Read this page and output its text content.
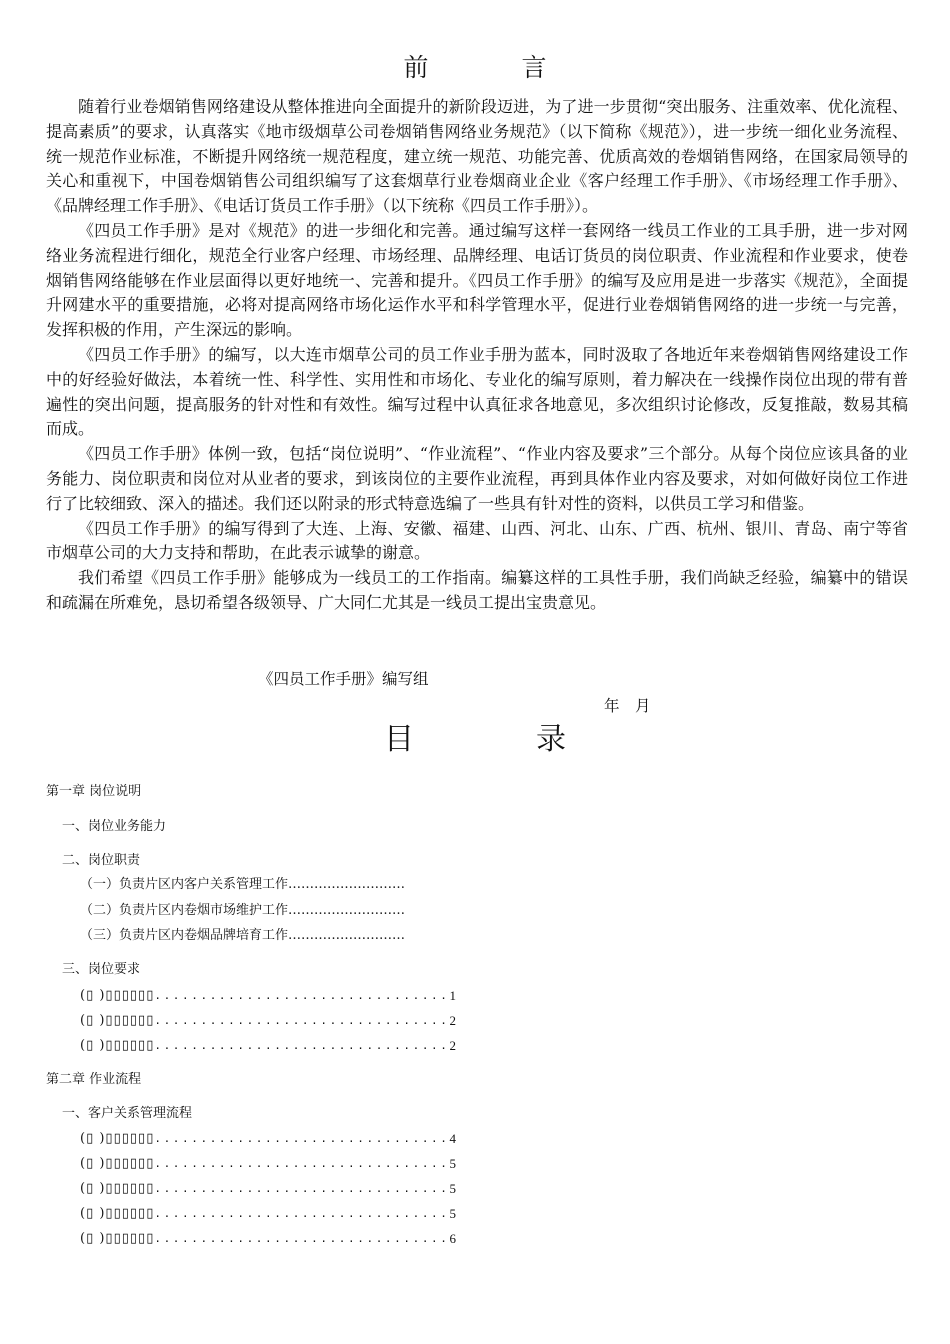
前　言

随着行业卷烟销售网络建设从整体推进向全面提升的新阶段迈进，为了进一步贯彻“突出服务、注重效率、优化流程、提高素质”的要求，认真落实《地市级烟草公司卷烟销售网络业务规范》（以下简称《规范》），进一步统一细化业务流程、统一规范作业标准，不断提升网络统一规范程度，建立统一规范、功能完善、优质高效的卷烟销售网络，在国家局领导的关心和重视下，中国卷烟销售公司组织编写了这套烟草行业卷烟商业企业《客户经理工作手册》、《市场经理工作手册》、《品牌经理工作手册》、《电话订货员工作手册》（以下统称《四员工作手册》）。

《四员工作手册》是对《规范》的进一步细化和完善。通过编写这样一套网络一线员工作业的工具手册，进一步对网络业务流程进行细化，规范全行业客户经理、市场经理、品牌经理、电话订货员的岗位职责、作业流程和作业要求，使卷烟销售网络能够在作业层面得以更好地统一、完善和提升。《四员工作手册》的编写及应用是进一步落实《规范》，全面提升网建水平的重要措施，必将对提高网络市场化运作水平和科学管理水平，促进行业卷烟销售网络的进一步统一与完善，发挥积极的作用，产生深远的影响。

《四员工作手册》的编写，以大连市烟草公司的员工作业手册为蓝本，同时汲取了各地近年来卷烟销售网络建设工作中的好经验好做法，本着统一性、科学性、实用性和市场化、专业化的编写原则，着力解决在一线操作岗位出现的带有普遍性的突出问题，提高服务的针对性和有效性。编写过程中认真征求各地意见，多次组织讨论修改，反复推敲，数易其稿而成。

《四员工作手册》体例一致，包括“岗位说明”、“作业流程”、“作业内容及要求”三个部分。从每个岗位应该具备的业务能力、岗位职责和岗位对从业者的要求，到该岗位的主要作业流程，再到具体作业内容及要求，对如何做好岗位工作进行了比较细致、深入的描述。我们还以附录的形式特意选编了一些具有针对性的资料，以供员工学习和借鉴。

《四员工作手册》的编写得到了大连、上海、安徽、福建、山西、河北、山东、广西、杭州、银川、青岛、南宁等省市烟草公司的大力支持和帮助，在此表示诚挚的谢意。

我们希望《四员工作手册》能够成为一线员工的工作指南。编纂这样的工具性手册，我们尚缺乏经验，编纂中的错误和疏漏在所难免，恳切希望各级领导、广大同仁尤其是一线员工提出宝贵意见。

《四员工作手册》编写组
年　月
目　录
第一章 岗位说明
一、岗位业务能力
二、岗位职责
（一）负责片区内客户关系管理工作………………………
（二）负责片区内卷烟市场维护工作………………………
（三）负责片区内卷烟品牌培育工作………………………
三、岗位要求
(▯ )▯▯▯▯▯▯ ................................ 1
(▯ )▯▯▯▯▯▯ ................................ 2
(▯ )▯▯▯▯▯▯ ................................ 2
第二章 作业流程
一、客户关系管理流程
(▯ )▯▯▯▯▯▯ ................................ 4
(▯ )▯▯▯▯▯▯ ................................ 5
(▯ )▯▯▯▯▯▯ ................................ 5
(▯ )▯▯▯▯▯▯ ................................ 5
(▯ )▯▯▯▯▯▯ ................................ 6
